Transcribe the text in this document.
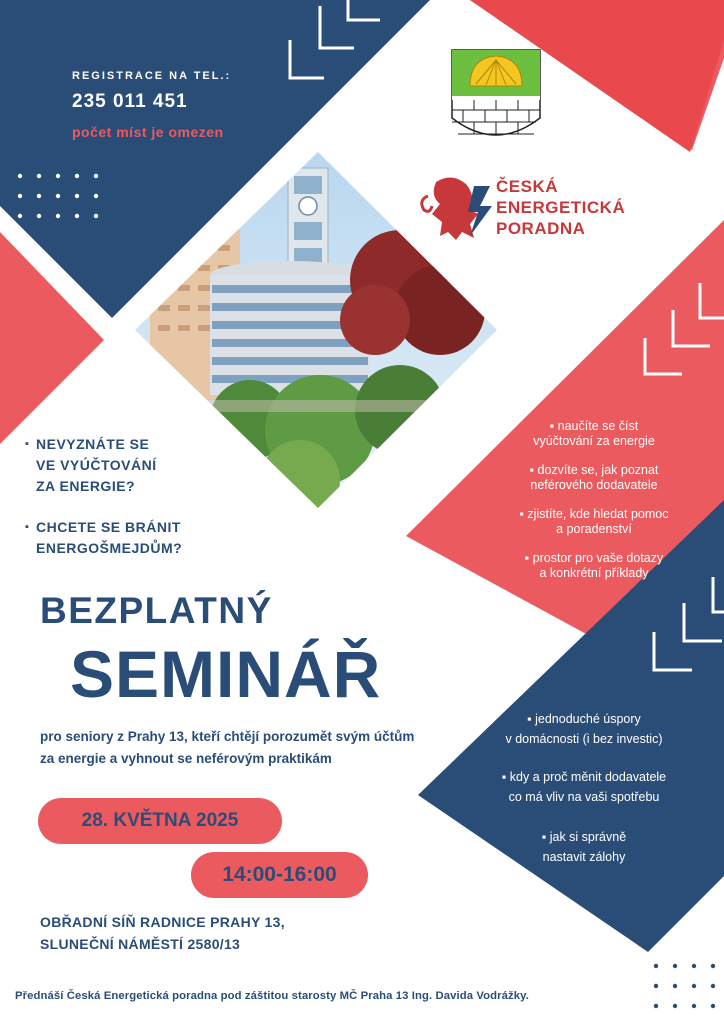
REGISTRACE NA TEL.:
235 011 451
počet míst je omezen
ČESKÁ
ENERGETICKÁ
PORADNA
▪ NEVYZNÁTE SE
VE VYÚČTOVÁNÍ
ZA ENERGIE?
▪ CHCETE SE BRÁNIT
ENERGOŠMEJDŮM?
▪ naučíte se číst
vyúčtování za energie
▪ dozvíte se, jak poznat
neférového dodavatele
▪ zjistíte, kde hledat pomoc
a poradenství
▪ prostor pro vaše dotazy
a konkrétní příklady
▪ jednoduché úspory
v domácnosti (i bez investic)
▪ kdy a proč měnit dodavatele
co má vliv na vaši spotřebu
▪ jak si správně
nastavit zálohy
BEZPLATNÝ
SEMINÁŘ
pro seniory z Prahy 13, kteří chtějí porozumět svým účtům
za energie a vyhnout se neférovým praktikám
28. KVĚTNA 2025
14:00-16:00
OBŘADNÍ SÍŇ RADNICE PRAHY 13,
SLUNEČNÍ NÁMĚSTÍ 2580/13
Přednáší Česká Energetická poradna pod záštitou starosty MČ Praha 13 Ing. Davida Vodrážky.
